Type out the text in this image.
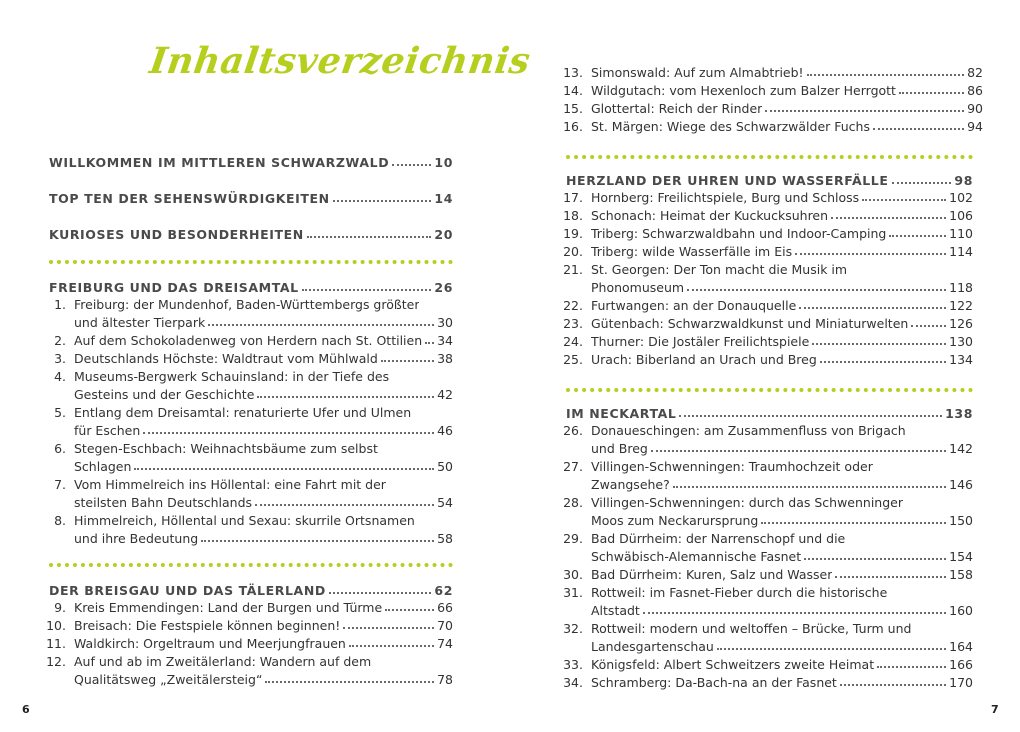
Inhaltsverzeichnis
WILLKOMMEN IM MITTLEREN SCHWARZWALD	10
TOP TEN DER SEHENSWÜRDIGKEITEN	14
KURIOSES UND BESONDERHEITEN	20
FREIBURG UND DAS DREISAMTAL	26
1. Freiburg: der Mundenhof, Baden-Württembergs größter
und ältester Tierpark	30
2. Auf dem Schokoladenweg von Herdern nach St. Ottilien 34
3. Deutschlands Höchste: Waldtraut vom Mühlwald	38
4. Museums-Bergwerk Schauinsland: in der Tiefe des
Gesteins und der Geschichte	42
5. Entlang dem Dreisamtal: renaturierte Ufer und Ulmen
für Eschen	46
6. Stegen-Eschbach: Weihnachtsbäume zum selbst
Schlagen	50
7. Vom Himmelreich ins Höllental: eine Fahrt mit der
steilsten Bahn Deutschlands	54
8. Himmelreich, Höllental und Sexau: skurrile Ortsnamen
und ihre Bedeutung	58
DER BREISGAU UND DAS TÄLERLAND	62
9. Kreis Emmendingen: Land der Burgen und Türme	66
10. Breisach: Die Festspiele können beginnen!	70
11. Waldkirch: Orgeltraum und Meerjungfrauen	74
12. Auf und ab im Zweitälerland: Wandern auf dem
Qualitätsweg „Zweitälersteig“	78
6
13. Simonswald: Auf zum Almabtrieb!	82
14. Wildgutach: vom Hexenloch zum Balzer Herrgott	86
15. Glottertal: Reich der Rinder	90
16. St. Märgen: Wiege des Schwarzwälder Fuchs	94
HERZLAND DER UHREN UND WASSERFÄLLE	98
17. Hornberg: Freilichtspiele, Burg und Schloss	102
18. Schonach: Heimat der Kuckucksuhren	106
19. Triberg: Schwarzwaldbahn und Indoor-Camping	110
20. Triberg: wilde Wasserfälle im Eis	114
21. St. Georgen: Der Ton macht die Musik im
Phonomuseum	118
22. Furtwangen: an der Donauquelle	122
23. Gütenbach: Schwarzwaldkunst und Miniaturwelten	126
24. Thurner: Die Jostäler Freilichtspiele	130
25. Urach: Biberland an Urach und Breg	134
IM NECKARTAL	138
26. Donaueschingen: am Zusammenfluss von Brigach
und Breg	142
27. Villingen-Schwenningen: Traumhochzeit oder
Zwangsehe?	146
28. Villingen-Schwenningen: durch das Schwenninger
Moos zum Neckarursprung	150
29. Bad Dürrheim: der Narrenschopf und die
Schwäbisch-Alemannische Fasnet	154
30. Bad Dürrheim: Kuren, Salz und Wasser	158
31. Rottweil: im Fasnet-Fieber durch die historische
Altstadt	160
32. Rottweil: modern und weltoffen – Brücke, Turm und
Landesgartenschau	164
33. Königsfeld: Albert Schweitzers zweite Heimat	166
34. Schramberg: Da-Bach-na an der Fasnet	170
7
